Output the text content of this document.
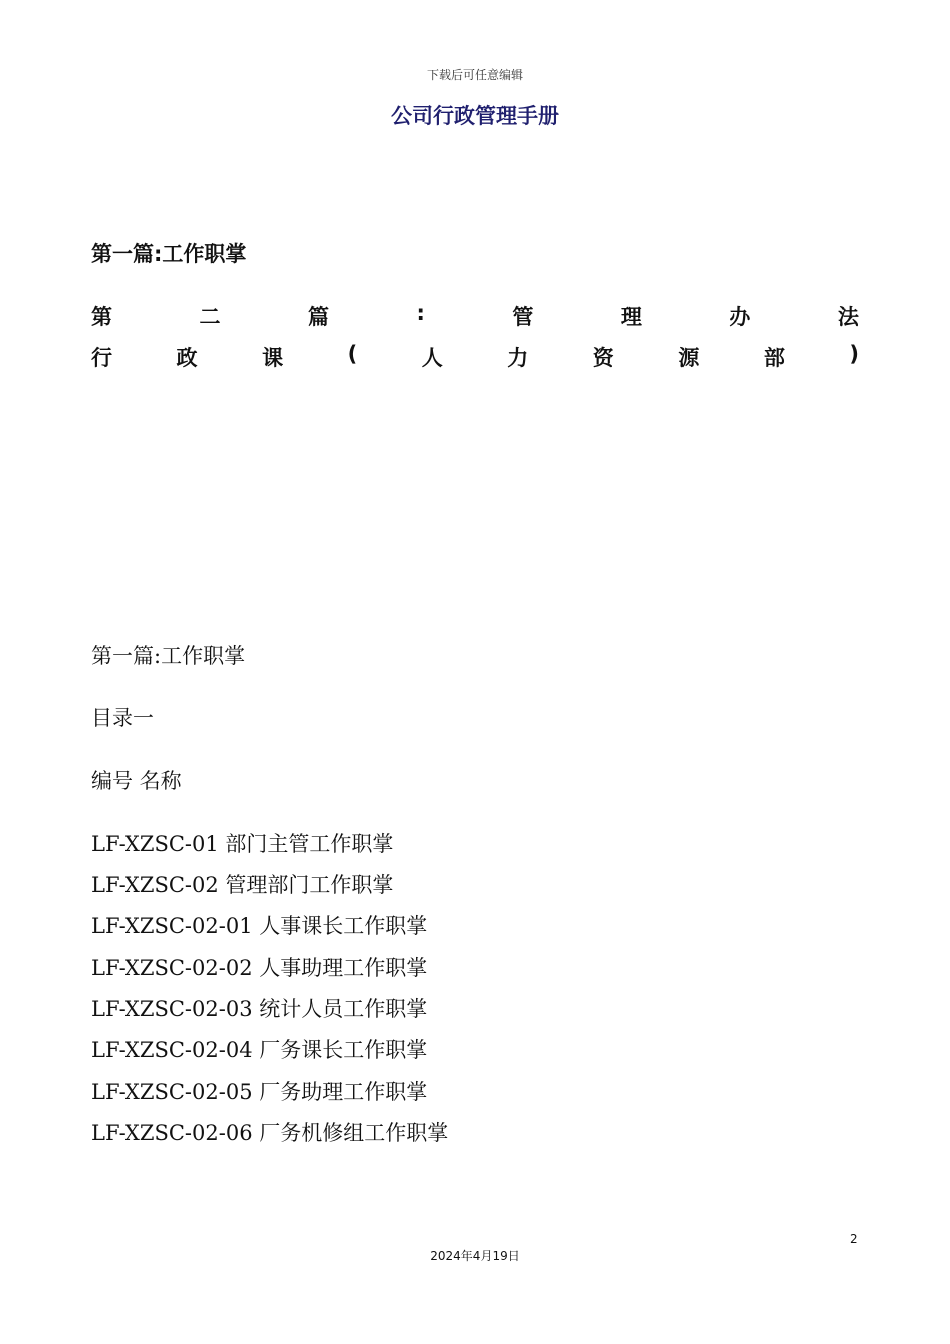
下载后可任意编辑
公司行政管理手册
第一篇:工作职掌
第	二	篇	:	管	理	办	法
行	政	课	(	人	力	资	源	部	)
第一篇:工作职掌
目录一
编号 名称
LF-XZSC-01 部门主管工作职掌
LF-XZSC-02 管理部门工作职掌
LF-XZSC-02-01 人事课长工作职掌
LF-XZSC-02-02 人事助理工作职掌
LF-XZSC-02-03 统计人员工作职掌
LF-XZSC-02-04 厂务课长工作职掌
LF-XZSC-02-05 厂务助理工作职掌
LF-XZSC-02-06 厂务机修组工作职掌
2
2024年4月19日
